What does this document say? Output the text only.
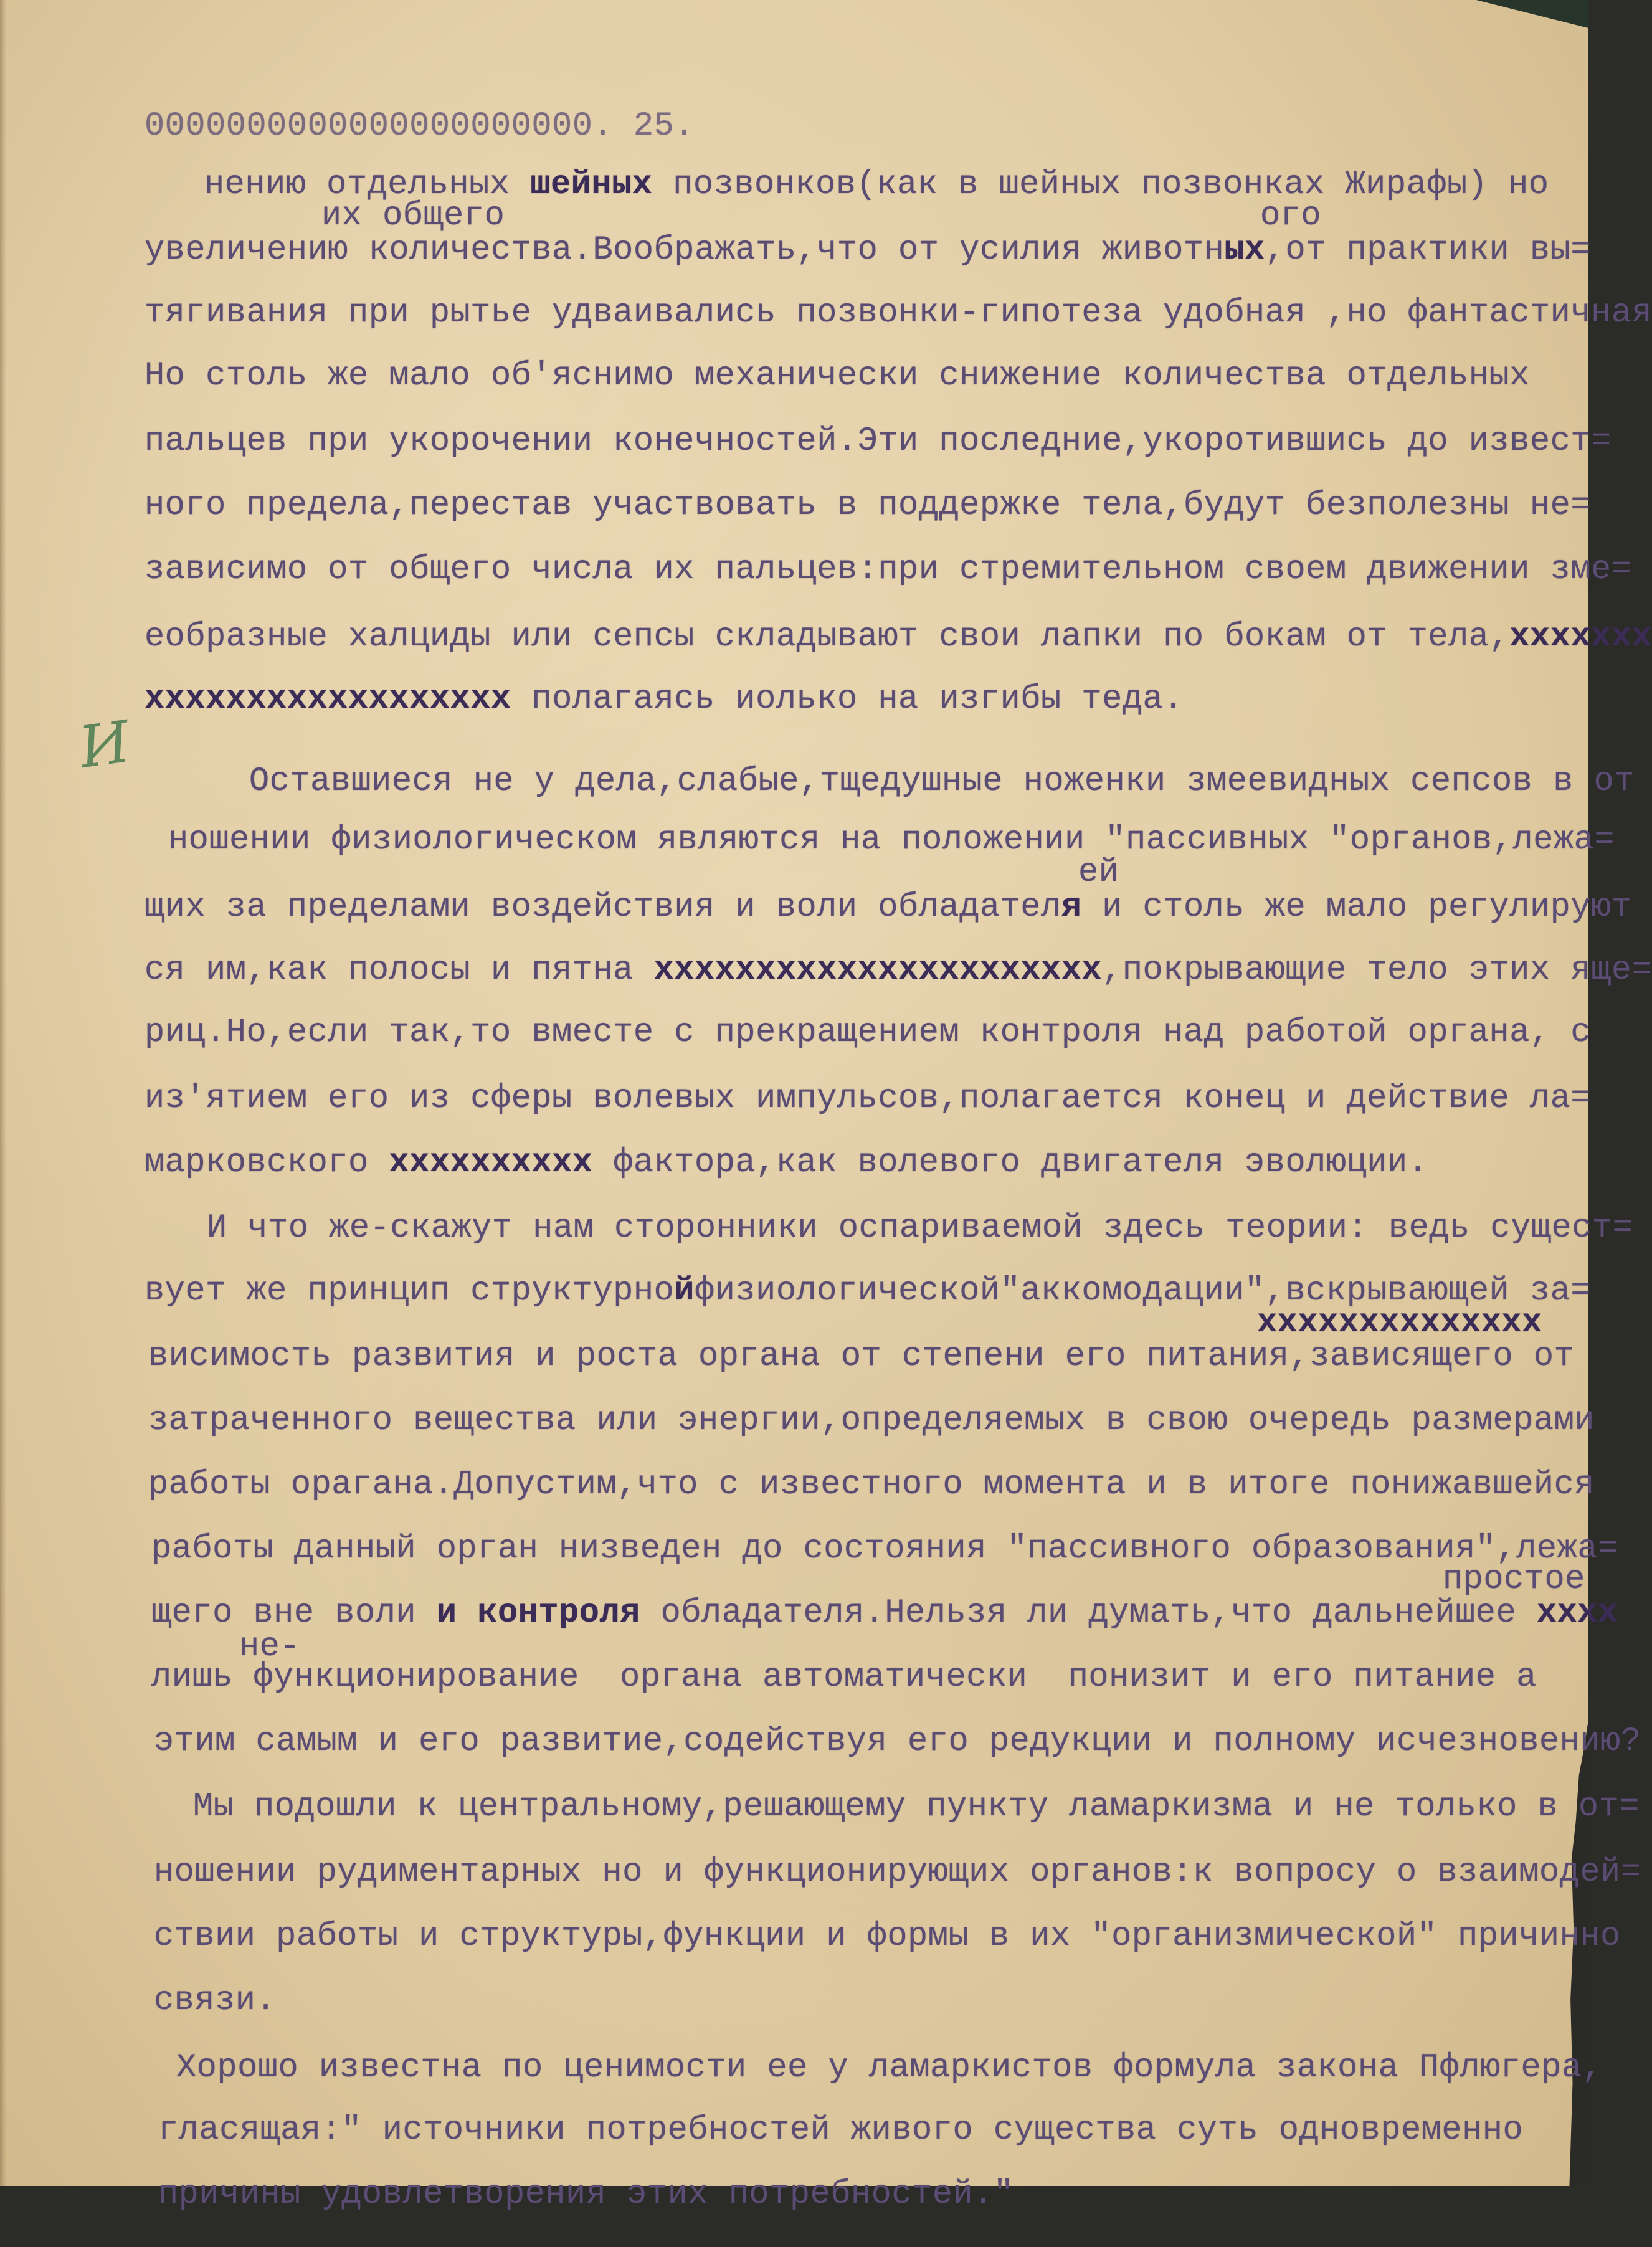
И

0000000000000000000000. 25.

нению отдельных шейных позвонков(как в шейных позвонках Жирафы) но

их общего
	ого

увеличению количества.Воображать,что от усилия животных,от практики вы=

тягивания при рытье удваивались позвонки-гипотеза удобная ,но фантастичная

Но столь же мало об'яснимо механически снижение количества отдельных

пальцев при укорочении конечностей.Эти последние,укоротившись до извест=

ного предела,перестав участвовать в поддержке тела,будут безполезны не=

зависимо от общего числа их пальцев:при стремительном своем движении зме=

еобразные халциды или сепсы складывают свои лапки по бокам от тела,ххххххх

хххххххххххххххххх полагаясь иолько на изгибы теда.

Оставшиеся не у дела,слабые,тщедушные ноженки змеевидных сепсов в от

ношении физиологическом являются на положении "пассивных "органов,лежа=

ей

щих за пределами воздействия и воли обладателя и столь же мало регулируют

ся им,как полосы и пятна хххххххххххххххххххххх,покрывающие тело этих яще=

риц.Но,если так,то вместе с прекращением контроля над работой органа, с

из'ятием его из сферы волевых импульсов,полагается конец и действие ла=

марковского хххххххххх фактора,как волевого двигателя эволюции.

И что же-скажут нам сторонники оспариваемой здесь теории: ведь сущест=

вует же принцип структурнойфизиологической"аккомодации",вскрывающей за=

хххххххххххххх

висимость развития и роста органа от степени его питания,зависящего от

затраченного вещества или энергии,определяемых в свою очередь размерами

работы орагана.Допустим,что с известного момента и в итоге понижавшейся

работы данный орган низведен до состояния "пассивного образования",лежа=

простое

щего вне воли и контроля обладателя.Нельзя ли думать,что дальнейшее хххх

не-

лишь функционирование  органа автоматически  понизит и его питание а

этим самым и его развитие,содействуя его редукции и полному исчезновению?

Мы подошли к центральному,решающему пункту ламаркизма и не только в от=

ношении рудиментарных но и функционирующих органов:к вопросу о взаимодей=

ствии работы и структуры,функции и формы в их "организмической" причинно

связи.

Хорошо известна по ценимости ее у ламаркистов формула закона Пфлюгера,

гласящая:" источники потребностей живого существа суть одновременно

причины удовлетворения этих потребностей."
